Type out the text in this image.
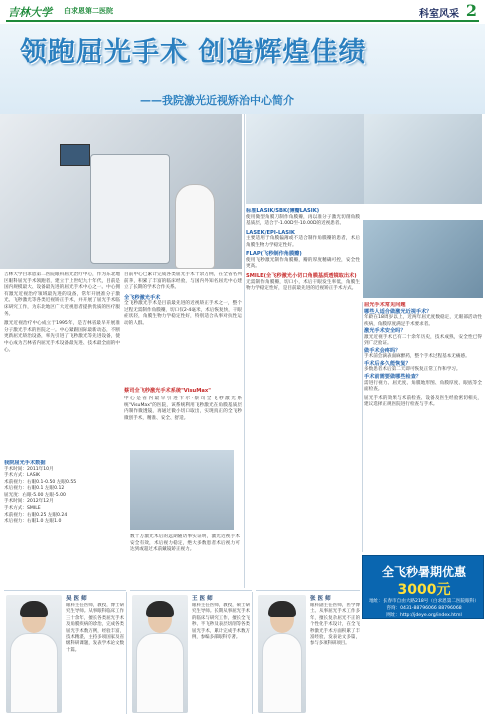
吉林大学 白求恩第二医院	科室风采 2
领跑屈光手术 创造辉煌佳绩
——我院激光近视矫治中心简介

吉林大学白求恩第二医院眼科屈光治疗中心，作为东北地区眼科屈光手术领跑者，建立于上世纪九十年代，目前是国内规模最大、设备最先进的屈光手术中心之一。中心拥有激光近视治疗领域最先进的设备，常年开展准分子激光、飞秒激光等各类近视矫正手术，并开展了屈光手术临床研究工作，为东北地区广大近视患者提供优质的医疗服务。

激光近视治疗中心成立于1995年，是吉林省最早开展准分子激光手术的医院之一。中心紧跟国际最新动态，不断更新屈光矫治设备，率先引进了飞秒激光等先进设备，使中心成为吉林省内屈光手术设备最先进、技术最全面的中心。

目前中心已累计完成各类屈光手术十余万例，在全省名列前茅，积累了丰富的临床经验，与国内外知名屈光中心建立了长期的学术合作关系。

全飞秒激光手术

全飞秒激光手术是目前最先进的近视矫正手术之一，整个过程无需制作角膜瓣，切口仅2-4毫米，术后恢复快，干眼症状轻，角膜生物力学稳定性好，特别适合从事对抗性运动的人群。

蔡司全飞秒激光手术系统"VisuMax"

中心是省内最早引进卡尔·蔡司全飞秒激光系统"VisuMax"的医院，该系统利用飞秒激光在角膜基质层内制作微透镜，再通过微小切口取出，实现真正的全飞秒微创手术，精准、安全、舒适。

我院屈光手术数据

手术时间：2011年10月

手术方式：LASIK

术前视力：右眼0.1-0.50 左眼0.55

术后视力：右眼0.1 左眼0.12

屈光度：右眼-5.00 左眼-5.00

手术时间：2012年12月

手术方式：SMILE

术前视力：右眼0.25 左眼0.24

术后视力：右眼1.0 左眼1.0

数十万激光术后的远期随访事实证明，激光近视手术安全有效，术后视力稳定，绝大多数患者术后视力可达到或超过术前戴镜矫正视力。

标准LASIK/SBK(薄瓣LASIK)

使用微型角膜刀制作角膜瓣，再以准分子激光切削角膜基质层，适合于-1.00D至-10.00D的近视患者。

LASEK/EPI-LASIK

主要适用于角膜偏薄或不适合制作角膜瓣的患者，术后角膜生物力学稳定性好。

FLAP(飞秒制作角膜瓣)

使用飞秒激光制作角膜瓣，瓣的厚度精确可控，安全性更高。

SMILE(全飞秒激光小切口角膜基质透镜取出术)

无需制作角膜瓣，切口小，术后干眼发生率低，角膜生物力学稳定性好，是目前最先进的近视矫正手术方式。

屈光手术常见问题

哪些人适合做激光近视手术？

年龄在18周岁以上，近两年屈光度数稳定，无眼部活动性疾病，角膜厚度满足手术要求者。

激光手术安全吗？

激光近视手术已有二十余年历史，技术成熟，安全性已得到广泛验证。

做手术会疼吗？

手术前会滴表面麻醉药，整个手术过程基本无痛感。

手术后多久能恢复？

多数患者术后第二天即可恢复正常工作和学习。

手术前需要做哪些检查？

需进行视力、屈光度、角膜地形图、角膜厚度、眼底等全面检查。

屈光手术的效果与术前检查、设备及医生经验密切相关，建议选择正规医院进行检查与手术。

全飞秒暑期优惠
3000元
地址：长春市自由大路218号（白求恩第二医院眼科）
咨询：0431-88796066 88796068
网址：http://jdeye.org/index.html
吴 医 师
眼科主任医师，教授，博士研究生导师。从事眼科临床工作三十余年，擅长各类屈光手术及角膜疾病的诊治，完成各类屈光手术数万例，经验丰富，技术精湛，主持多项国家及省级科研课题，发表学术论文数十篇。
王 医 师
眼科主任医师，教授，硕士研究生导师。长期从事屈光手术的临床与研究工作，擅长全飞秒、半飞秒及表层切削等各类屈光手术，累计完成手术数万例，参编多部眼科专著。
张 医 师
眼科副主任医师，医学博士。从事屈光手术工作多年，擅长复杂屈光不正的个性化手术设计，在全飞秒激光手术方面积累了丰富经验，发表论文多篇，参与多项科研项目。
